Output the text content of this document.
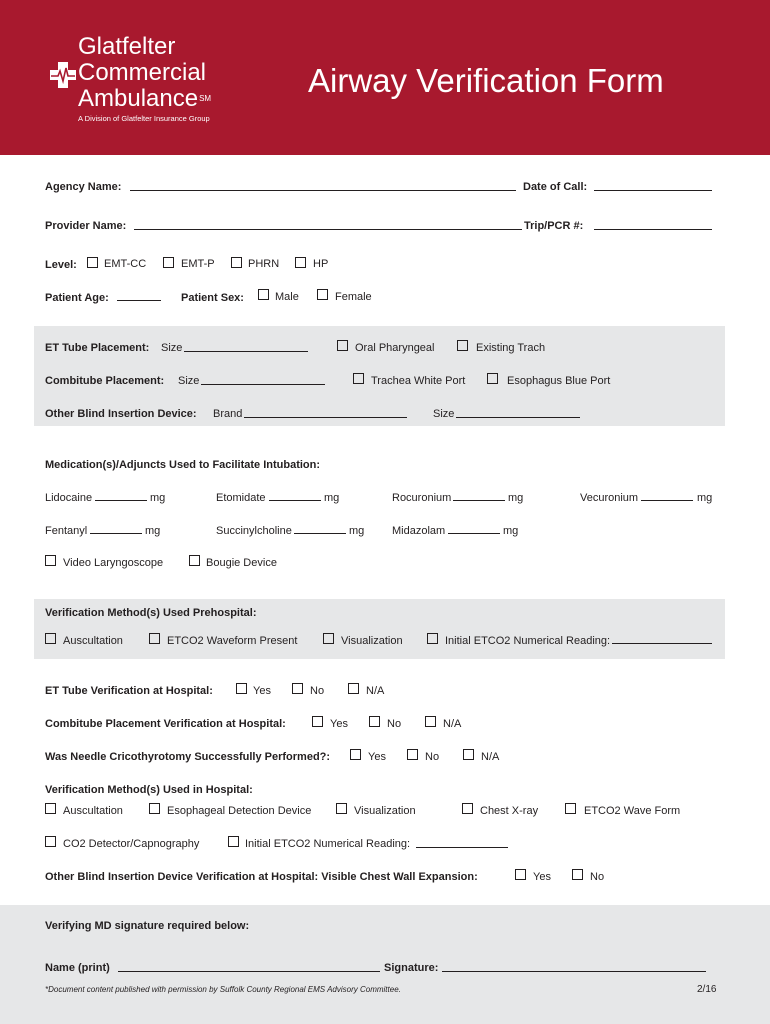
Glatfelter
Commercial
Ambulance℠
A Division of Glatfelter Insurance Group
Airway Verification Form
Agency Name:	Date of Call:
Provider Name:	Trip/PCR #:
Level: EMT-CC	EMT-P	PHRN	HP
Patient Age:	Patient Sex:	Male	Female
ET Tube Placement: Size	Oral Pharyngeal	Existing Trach
Combitube Placement: Size	Trachea White Port	Esophagus Blue Port
Other Blind Insertion Device: Brand	Size
Medication(s)/Adjuncts Used to Facilitate Intubation:
Lidocaine	mg	Etomidate	mg	Rocuronium	mg	Vecuronium	mg
Fentanyl	mg	Succinylcholine	mg	Midazolam	mg
Video Laryngoscope	Bougie Device
Verification Method(s) Used Prehospital:
Auscultation	ETCO2 Waveform Present	Visualization	Initial ETCO2 Numerical Reading:
ET Tube Verification at Hospital:	Yes	No	N/A
Combitube Placement Verification at Hospital:	Yes	No	N/A
Was Needle Cricothyrotomy Successfully Performed?:	Yes	No	N/A
Verification Method(s) Used in Hospital:
Auscultation	Esophageal Detection Device	Visualization	Chest X-ray	ETCO2 Wave Form
CO2 Detector/Capnography	Initial ETCO2 Numerical Reading:
Other Blind Insertion Device Verification at Hospital: Visible Chest Wall Expansion:	Yes	No
Verifying MD signature required below:
Name (print)	Signature:
*Document content published with permission by Suffolk County Regional EMS Advisory Committee.	2/16
